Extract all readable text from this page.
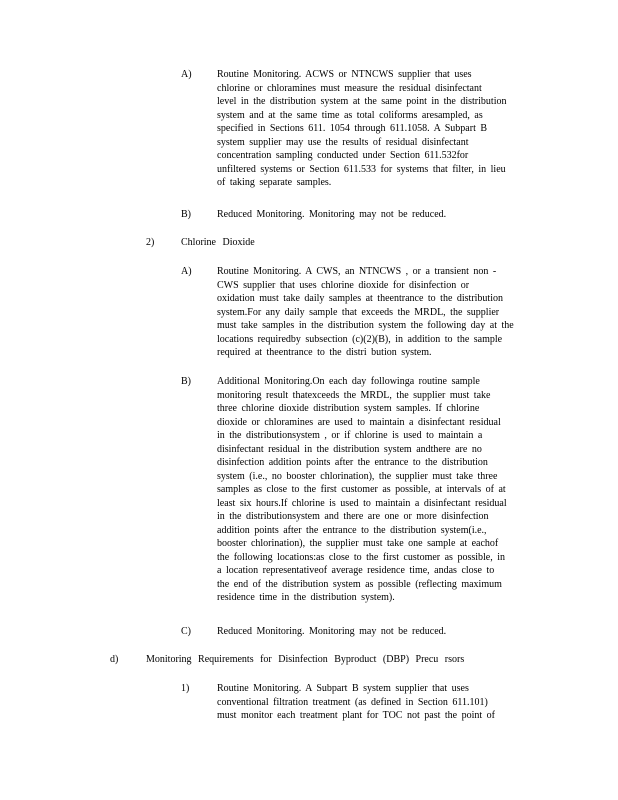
A)	Routine Monitoring. ACWS or NTNCWS supplier that uses
chlorine or chloramines must measure the residual disinfectant
level in the distribution system at the same point in the distribution
system and at the same time as total coliforms aresampled, as
specified in Sections 611. 1054 through 611.1058. A Subpart B
system supplier may use the results of residual disinfectant
concentration sampling conducted under Section 611.532for
unfiltered systems or Section 611.533 for systems that filter, in lieu
of taking separate samples.
B)	Reduced Monitoring. Monitoring may not be reduced.
2)	Chlorine Dioxide
A)	Routine Monitoring. A CWS, an NTNCWS , or a transient non -
CWS supplier that uses chlorine dioxide for disinfection or
oxidation must take daily samples at theentrance to the distribution
system.For any daily sample that exceeds the MRDL, the supplier
must take samples in the distribution system the following day at the
locations requiredby subsection (c)(2)(B), in addition to the sample
required at theentrance to the distri bution system.
B)	Additional Monitoring.On each day followinga routine sample
monitoring result thatexceeds the MRDL, the supplier must take
three chlorine dioxide distribution system samples. If chlorine
dioxide or chloramines are used to maintain a disinfectant residual
in the distributionsystem , or if chlorine is used to maintain a
disinfectant residual in the distribution system andthere are no
disinfection addition points after the entrance to the distribution
system (i.e., no booster chlorination), the supplier must take three
samples as close to the first customer as possible, at intervals of at
least six hours.If chlorine is used to maintain a disinfectant residual
in the distributionsystem and there are one or more disinfection
addition points after the entrance to the distribution system(i.e.,
booster chlorination), the supplier must take one sample at eachof
the following locations:as close to the first customer as possible, in
a location representativeof average residence time, andas close to
the end of the distribution system as possible (reflecting maximum
residence time in the distribution system).
C)	Reduced Monitoring. Monitoring may not be reduced.
d)	Monitoring Requirements for Disinfection Byproduct (DBP) Precu rsors
1)	Routine Monitoring. A Subpart B system supplier that uses
conventional filtration treatment (as defined in Section 611.101)
must monitor each treatment plant for TOC not past the point of
